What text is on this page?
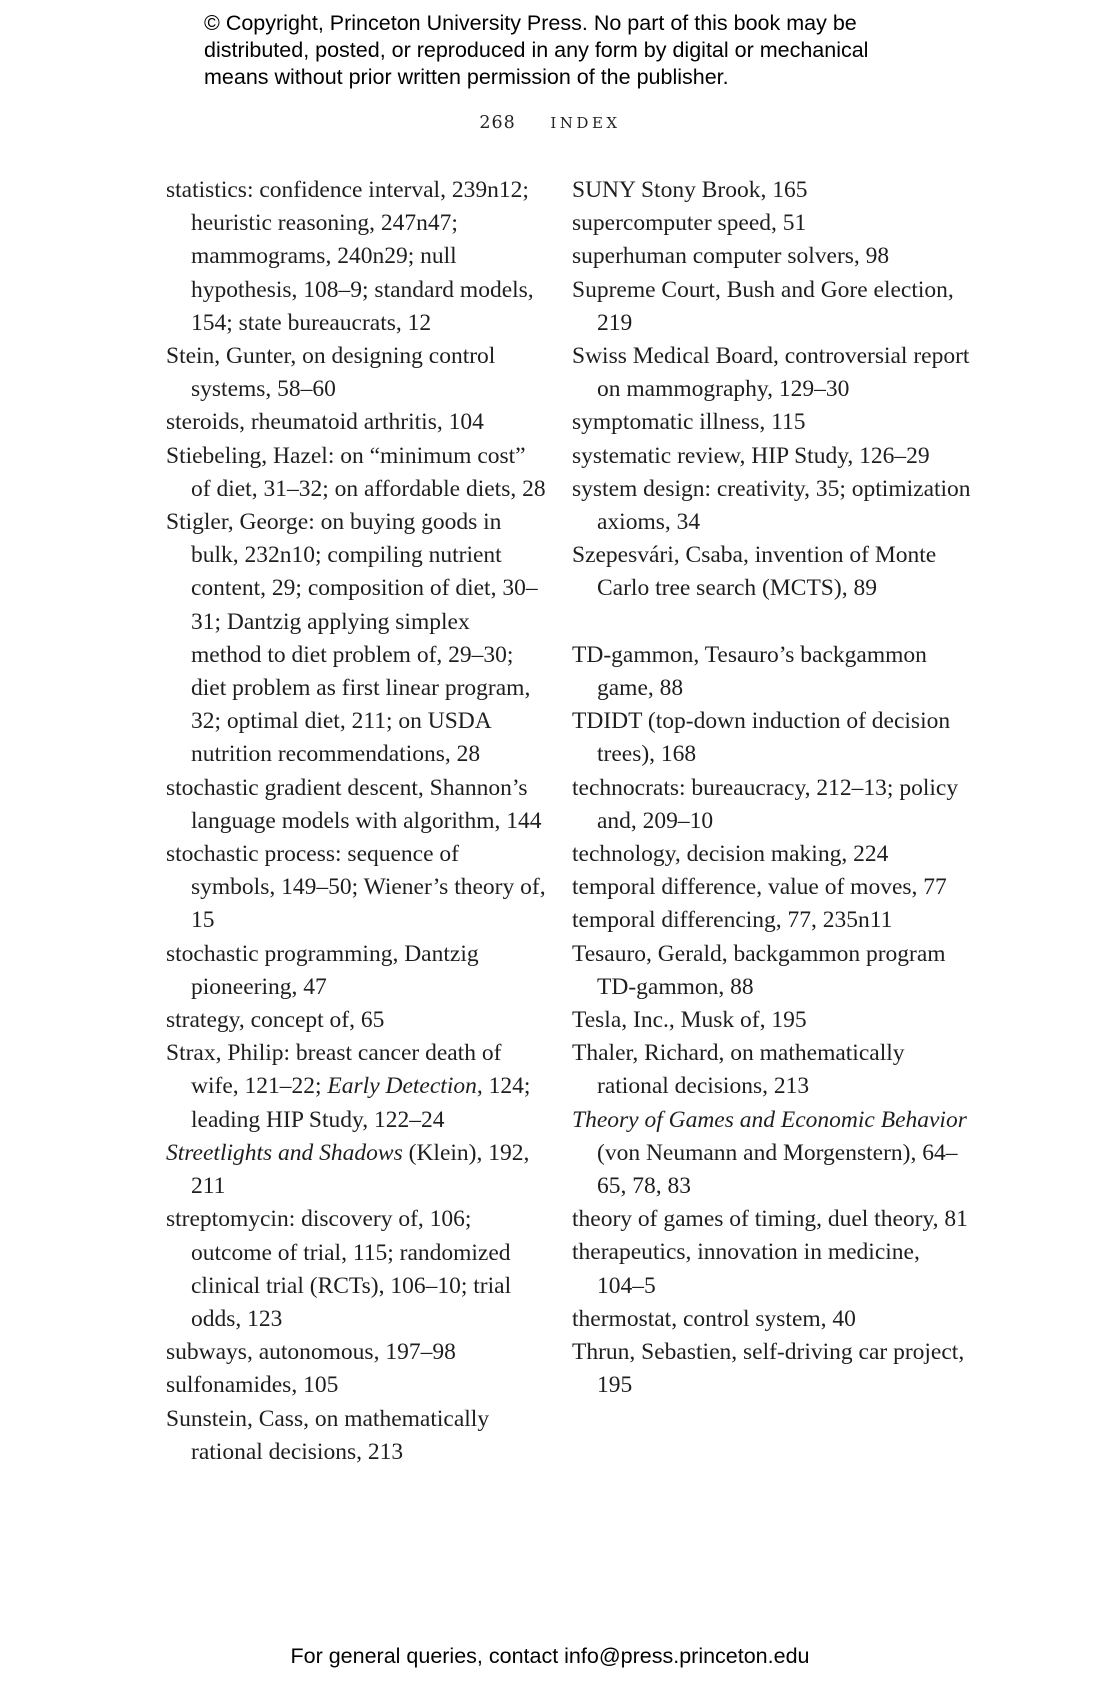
© Copyright, Princeton University Press. No part of this book may be distributed, posted, or reproduced in any form by digital or mechanical means without prior written permission of the publisher.
268 INDEX

statistics: confidence interval, 239n12; heuristic reasoning, 247n47; mammograms, 240n29; null hypothesis, 108–9; standard models, 154; state bureaucrats, 12

Stein, Gunter, on designing control systems, 58–60

steroids, rheumatoid arthritis, 104

Stiebeling, Hazel: on “minimum cost” of diet, 31–32; on affordable diets, 28

Stigler, George: on buying goods in bulk, 232n10; compiling nutrient content, 29; composition of diet, 30–31; Dantzig applying simplex method to diet problem of, 29–30; diet problem as first linear program, 32; optimal diet, 211; on USDA nutrition recommendations, 28

stochastic gradient descent, Shannon’s language models with algorithm, 144

stochastic process: sequence of symbols, 149–50; Wiener’s theory of, 15

stochastic programming, Dantzig pioneering, 47

strategy, concept of, 65

Strax, Philip: breast cancer death of wife, 121–22; Early Detection, 124; leading HIP Study, 122–24

Streetlights and Shadows (Klein), 192, 211

streptomycin: discovery of, 106; outcome of trial, 115; randomized clinical trial (RCTs), 106–10; trial odds, 123

subways, autonomous, 197–98

sulfonamides, 105

Sunstein, Cass, on mathematically rational decisions, 213

SUNY Stony Brook, 165

supercomputer speed, 51

superhuman computer solvers, 98

Supreme Court, Bush and Gore election, 219

Swiss Medical Board, controversial report on mammography, 129–30

symptomatic illness, 115

systematic review, HIP Study, 126–29

system design: creativity, 35; optimization axioms, 34

Szepesvári, Csaba, invention of Monte Carlo tree search (MCTS), 89

TD-gammon, Tesauro’s backgammon game, 88

TDIDT (top-down induction of decision trees), 168

technocrats: bureaucracy, 212–13; policy and, 209–10

technology, decision making, 224

temporal difference, value of moves, 77

temporal differencing, 77, 235n11

Tesauro, Gerald, backgammon program TD-gammon, 88

Tesla, Inc., Musk of, 195

Thaler, Richard, on mathematically rational decisions, 213

Theory of Games and Economic Behavior (von Neumann and Morgenstern), 64–65, 78, 83

theory of games of timing, duel theory, 81

therapeutics, innovation in medicine, 104–5

thermostat, control system, 40

Thrun, Sebastien, self-driving car project, 195

For general queries, contact info@press.princeton.edu
